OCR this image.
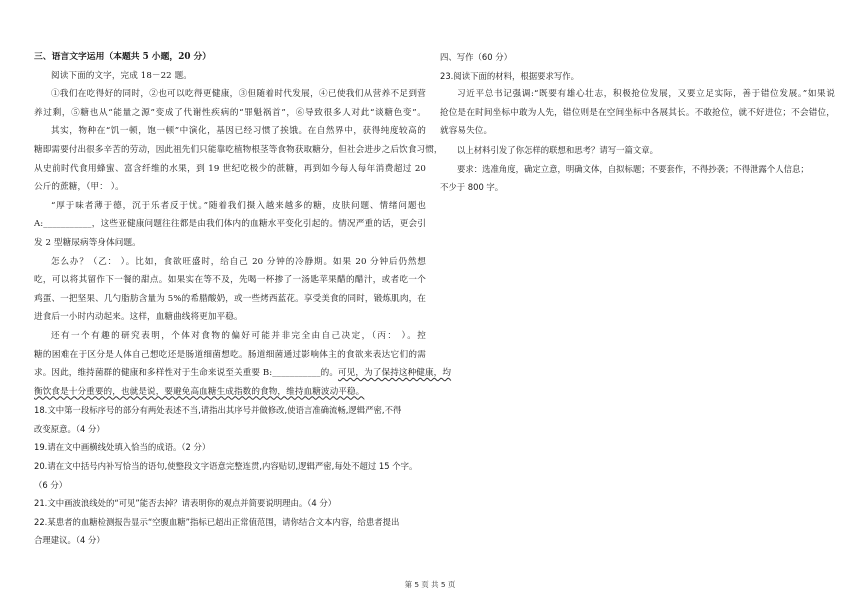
三、语言文字运用（本题共 5 小题，20 分）
阅读下面的文字，完成 18－22 题。
①我们在吃得好的同时，②也可以吃得更健康，③但随着时代发展，④已使我们从营养不足到营
养过剩，⑤糖也从“能量之源”变成了代谢性疾病的“罪魁祸首”，⑥导致很多人对此“谈糖色变”。
其实，物种在“饥一顿，饱一顿”中演化，基因已经习惯了挨饿。在自然界中，获得纯度较高的
糖即需要付出很多辛苦的劳动，因此祖先们只能靠吃植物根茎等食物获取糖分，但社会进步之后饮食习惯，
从史前时代食用蜂蜜、富含纤维的水果，到 19 世纪吃极少的蔗糖，再到如今每人每年消费超过 20
公斤的蔗糖，（甲： ）。
“厚于味者薄于德，沉于乐者反于忧。”随着我们摄入越来越多的糖，皮肤问题、情绪问题也
A:___________，这些亚健康问题往往都是由我们体内的血糖水平变化引起的。情况严重的话，更会引
发 2 型糖尿病等身体问题。
怎么办？（乙： ）。比如，食欲旺盛时，给自己 20 分钟的冷静期。如果 20 分钟后仍然想
吃，可以将其留作下一餐的甜点。如果实在等不及，先喝一杯掺了一汤匙苹果醋的醋汁，或者吃一个
鸡蛋、一把坚果、几勺脂肪含量为 5%的希腊酸奶，或一些烤西蓝花。享受美食的同时，锻炼肌肉，在
进食后一小时内动起来。这样，血糖曲线将更加平稳。
还有一个有趣的研究表明，个体对食物的偏好可能并非完全由自己决定，（丙： ）。控
糖的困难在于区分是人体自己想吃还是肠道细菌想吃。肠道细菌通过影响体主的食欲来表达它们的需
求。因此，维持菌群的健康和多样性对于生命来说至关重要 B:___________的。可见，为了保持这种健康，均
衡饮食是十分重要的，也就是说，要避免高血糖生成指数的食物，维持血糖波动平稳。
18.文中第一段标序号的部分有两处表述不当,请指出其序号并做修改,使语言准确流畅,逻辑严密,不得
改变原意。（4 分）
19.请在文中画横线处填入恰当的成语。（2 分）
20.请在文中括号内补写恰当的语句,使整段文字语意完整连贯,内容贴切,逻辑严密,每处不超过 15 个字。
（6 分）
21.文中画波浪线处的“可见”能否去掉？请表明你的观点并简要说明理由。（4 分）
22.某患者的血糖检测报告显示“空腹血糖”指标已超出正常值范围，请你结合文本内容，给患者提出
合理建议。（4 分）
四、写作（60 分）
23.阅读下面的材料，根据要求写作。
习近平总书记强调:“既要有雄心壮志，积极抢位发展，又要立足实际，善于错位发展。”如果说
抢位是在时间坐标中敢为人先，错位则是在空间坐标中各展其长。不敢抢位，就不好进位；不会错位，
就容易失位。
以上材料引发了你怎样的联想和思考？请写一篇文章。
要求：选准角度，确定立意，明确文体，自拟标题；不要套作，不得抄袭；不得泄露个人信息；
不少于 800 字。
第 5 页 共 5 页
